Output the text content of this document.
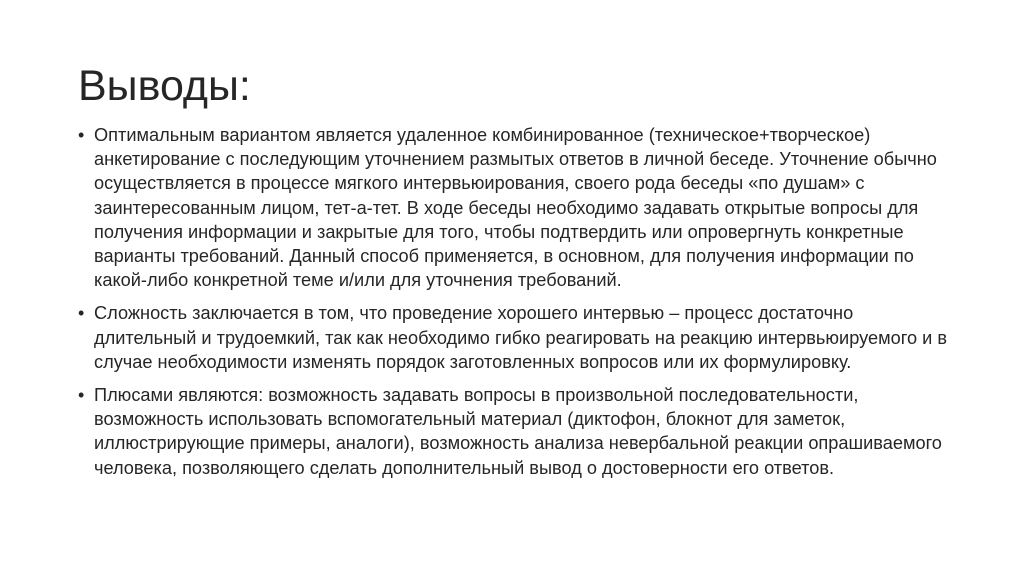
Выводы:
• Оптимальным вариантом является удаленное комбинированное (техническое+творческое) анкетирование с последующим уточнением размытых ответов в личной беседе. Уточнение обычно осуществляется в процессе мягкого интервьюирования, своего рода беседы «по душам» с заинтересованным лицом, тет-а-тет. В ходе беседы необходимо задавать открытые вопросы для получения информации и закрытые для того, чтобы подтвердить или опровергнуть конкретные варианты требований. Данный способ применяется, в основном, для получения информации по какой-либо конкретной теме и/или для уточнения требований.
• Сложность заключается в том, что проведение хорошего интервью – процесс достаточно длительный и трудоемкий, так как необходимо гибко реагировать на реакцию интервьюируемого и в случае необходимости изменять порядок заготовленных вопросов или их формулировку.
• Плюсами являются: возможность задавать вопросы в произвольной последовательности, возможность использовать вспомогательный материал (диктофон, блокнот для заметок, иллюстрирующие примеры, аналоги), возможность анализа невербальной реакции опрашиваемого человека, позволяющего сделать дополнительный вывод о достоверности его ответов.
